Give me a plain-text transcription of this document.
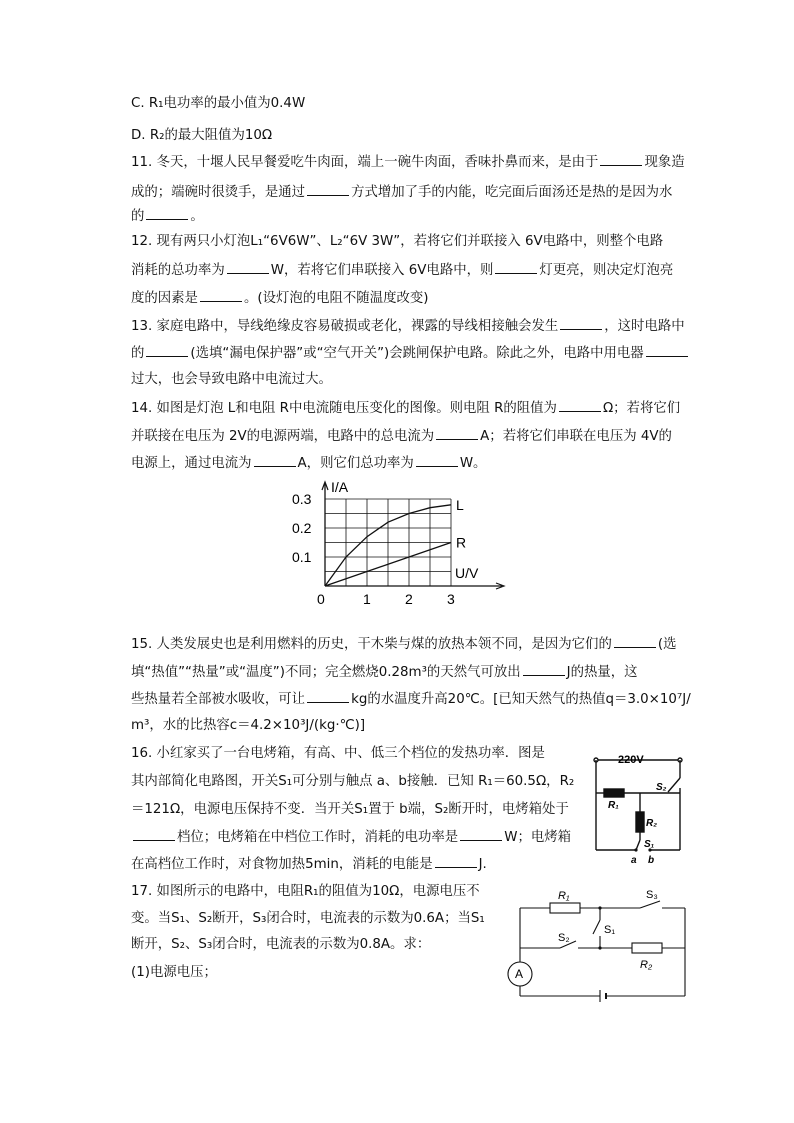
C. R₁电功率的最小值为0.4W
D. R₂的最大阻值为10Ω
11. 冬天，十堰人民早餐爱吃牛肉面，端上一碗牛肉面，香味扑鼻而来，是由于	现象造
成的；端碗时很烫手，是通过	方式增加了手的内能，吃完面后面汤还是热的是因为水
的	。
12. 现有两只小灯泡L₁“6V6W”、L₂“6V 3W”，若将它们并联接入 6V电路中，则整个电路
消耗的总功率为	W，若将它们串联接入 6V电路中，则	灯更亮，则决定灯泡亮
度的因素是	。(设灯泡的电阻不随温度改变)
13. 家庭电路中，导线绝缘皮容易破损或老化，裸露的导线相接触会发生	，这时电路中
的	(选填“漏电保护器”或“空气开关”)会跳闸保护电路。除此之外，电路中用电器
过大，也会导致电路中电流过大。
14. 如图是灯泡 L和电阻 R中电流随电压变化的图像。则电阻 R的阻值为	Ω；若将它们
并联接在电压为 2V的电源两端，电路中的总电流为	A；若将它们串联在电压为 4V的
电源上，通过电流为	A，则它们总功率为	W。
L
R
1 2 3
0.1
0.2
0.3
0
I/A
U/V
15. 人类发展史也是利用燃料的历史，干木柴与煤的放热本领不同，是因为它们的	(选
填“热值”“热量”或“温度”)不同；完全燃烧0.28m³的天然气可放出	J的热量，这
些热量若全部被水吸收，可让	kg的水温度升高20℃。[已知天然气的热值q＝3.0×10⁷J/
m³，水的比热容c＝4.2×10³J/(kg·℃)]
16. 小红家买了一台电烤箱，有高、中、低三个档位的发热功率．图是
其内部简化电路图，开关S₁可分别与触点 a、b接触．已知 R₁＝60.5Ω，R₂
＝121Ω，电源电压保持不变．当开关S₁置于 b端，S₂断开时，电烤箱处于
档位；电烤箱在中档位工作时，消耗的电功率是	W；电烤箱
在高档位工作时，对食物加热5min，消耗的电能是	J.
220V
R₁
R₂
S₂
S₁
a b
17. 如图所示的电路中，电阻R₁的阻值为10Ω，电源电压不
变。当S₁、S₂断开，S₃闭合时，电流表的示数为0.6A；当S₁
断开，S₂、S₃闭合时，电流表的示数为0.8A。求：
(1)电源电压；
R₁	S₃
S₁
S₂
R₂
A
